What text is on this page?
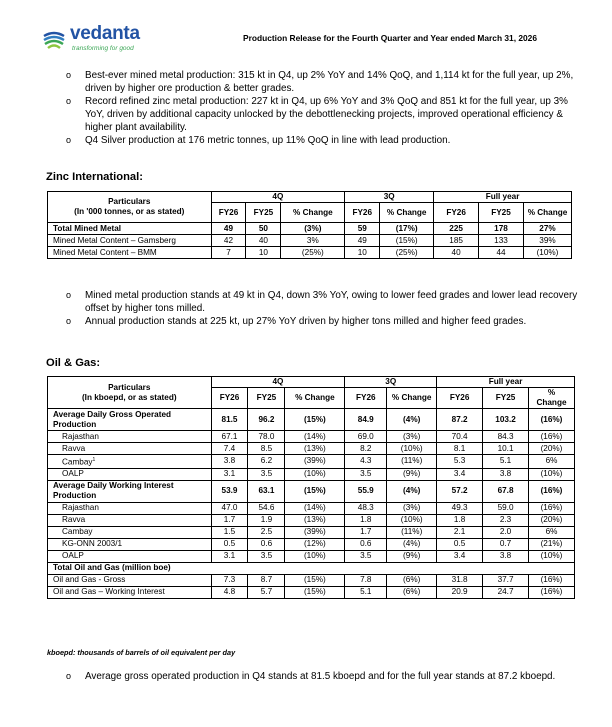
vedanta
transforming for good
Production Release for the Fourth Quarter and Year ended March 31, 2026
o Best-ever mined metal production: 315 kt in Q4, up 2% YoY and 14% QoQ, and 1,114 kt for the full year, up 2%, driven by higher ore production & better grades.
o Record refined zinc metal production: 227 kt in Q4, up 6% YoY and 3% QoQ and 851 kt for the full year, up 3% YoY, driven by additional capacity unlocked by the debottlenecking projects, improved operational efficiency & higher plant availability.
o Q4 Silver production at 176 metric tonnes, up 11% QoQ in line with lead production.
Zinc International:
Particulars
(In '000 tonnes, or as stated)	4Q			3Q		Full year		
	FY26	FY25	% Change	FY26	% Change	FY26	FY25	% Change
Total Mined Metal	49	50	(3%)	59	(17%)	225	178	27%
Mined Metal Content – Gamsberg	42	40	3%	49	(15%)	185	133	39%
Mined Metal Content – BMM	7	10	(25%)	10	(25%)	40	44	(10%)
o Mined metal production stands at 49 kt in Q4, down 3% YoY, owing to lower feed grades and lower lead recovery offset by higher tons milled.
o Annual production stands at 225 kt, up 27% YoY driven by higher tons milled and higher feed grades.
Oil & Gas:
Particulars
(In kboepd, or as stated)	4Q			3Q		Full year		
	FY26	FY25	% Change	FY26	% Change	FY26	FY25	% Change
Average Daily Gross Operated Production	81.5	96.2	(15%)	84.9	(4%)	87.2	103.2	(16%)
Rajasthan	67.1	78.0	(14%)	69.0	(3%)	70.4	84.3	(16%)
Ravva	7.4	8.5	(13%)	8.2	(10%)	8.1	10.1	(20%)
Cambay$^1$	3.8	6.2	(39%)	4.3	(11%)	5.3	5.1	6%
OALP	3.1	3.5	(10%)	3.5	(9%)	3.4	3.8	(10%)
Average Daily Working Interest Production	53.9	63.1	(15%)	55.9	(4%)	57.2	67.8	(16%)
Rajasthan	47.0	54.6	(14%)	48.3	(3%)	49.3	59.0	(16%)
Ravva	1.7	1.9	(13%)	1.8	(10%)	1.8	2.3	(20%)
Cambay	1.5	2.5	(39%)	1.7	(11%)	2.1	2.0	6%
KG-ONN 2003/1	0.5	0.6	(12%)	0.6	(4%)	0.5	0.7	(21%)
OALP	3.1	3.5	(10%)	3.5	(9%)	3.4	3.8	(10%)
Total Oil and Gas (million boe)								
Oil and Gas - Gross	7.3	8.7	(15%)	7.8	(6%)	31.8	37.7	(16%)
Oil and Gas – Working Interest	4.8	5.7	(15%)	5.1	(6%)	20.9	24.7	(16%)
kboepd: thousands of barrels of oil equivalent per day
o Average gross operated production in Q4 stands at 81.5 kboepd and for the full year stands at 87.2 kboepd.
